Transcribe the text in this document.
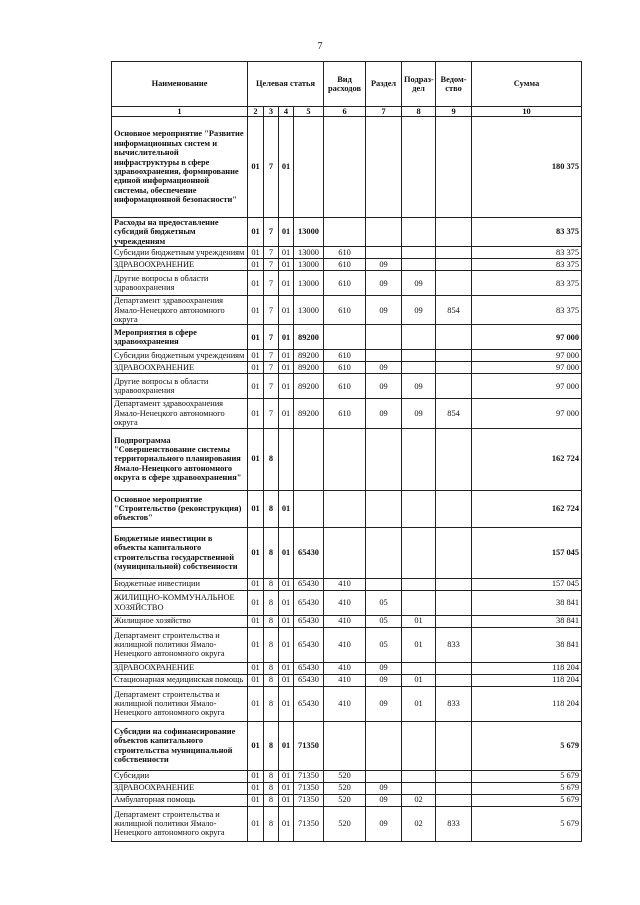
7
Наименование	Целевая статья				Вид расходов	Раздел	Подраз-дел	Ведом-ство	Сумма
1	2	3	4	5	6	7	8	9	10
Основное мероприятие "Развитие информационных систем и вычислительной инфраструктуры в сфере здравоохранения, формирование единой информационной системы, обеспечение информационной безопасности"	01	7	01						180 375
Расходы на предоставление субсидий бюджетным учреждениям	01	7	01	13000					83 375
Субсидии бюджетным учреждениям	01	7	01	13000	610				83 375
ЗДРАВООХРАНЕНИЕ	01	7	01	13000	610	09			83 375
Другие вопросы в области здравоохранения	01	7	01	13000	610	09	09		83 375
Департамент здравоохранения Ямало-Ненецкого автономного округа	01	7	01	13000	610	09	09	854	83 375
Мероприятия в сфере здравоохранения	01	7	01	89200					97 000
Субсидии бюджетным учреждениям	01	7	01	89200	610				97 000
ЗДРАВООХРАНЕНИЕ	01	7	01	89200	610	09			97 000
Другие вопросы в области здравоохранения	01	7	01	89200	610	09	09		97 000
Департамент здравоохранения Ямало-Ненецкого автономного округа	01	7	01	89200	610	09	09	854	97 000
Подпрограмма "Совершенствование системы территориального планирования Ямало-Ненецкого автономного округа в сфере здравоохранения"	01	8							162 724
Основное мероприятие "Строительство (реконструкция) объектов"	01	8	01						162 724
Бюджетные инвестиции в объекты капитального строительства государственной (муниципальной) собственности	01	8	01	65430					157 045
Бюджетные инвестиции	01	8	01	65430	410				157 045
ЖИЛИЩНО-КОММУНАЛЬНОЕ ХОЗЯЙСТВО	01	8	01	65430	410	05			38 841
Жилищное хозяйство	01	8	01	65430	410	05	01		38 841
Департамент строительства и жилищной политики Ямало-Ненецкого автономного округа	01	8	01	65430	410	05	01	833	38 841
ЗДРАВООХРАНЕНИЕ	01	8	01	65430	410	09			118 204
Стационарная медицинская помощь	01	8	01	65430	410	09	01		118 204
Департамент строительства и жилищной политики Ямало-Ненецкого автономного округа	01	8	01	65430	410	09	01	833	118 204
Субсидии на софинансирование объектов капитального строительства муниципальной собственности	01	8	01	71350					5 679
Субсидии	01	8	01	71350	520				5 679
ЗДРАВООХРАНЕНИЕ	01	8	01	71350	520	09			5 679
Амбулаторная помощь	01	8	01	71350	520	09	02		5 679
Департамент строительства и жилищной политики Ямало-Ненецкого автономного округа	01	8	01	71350	520	09	02	833	5 679
